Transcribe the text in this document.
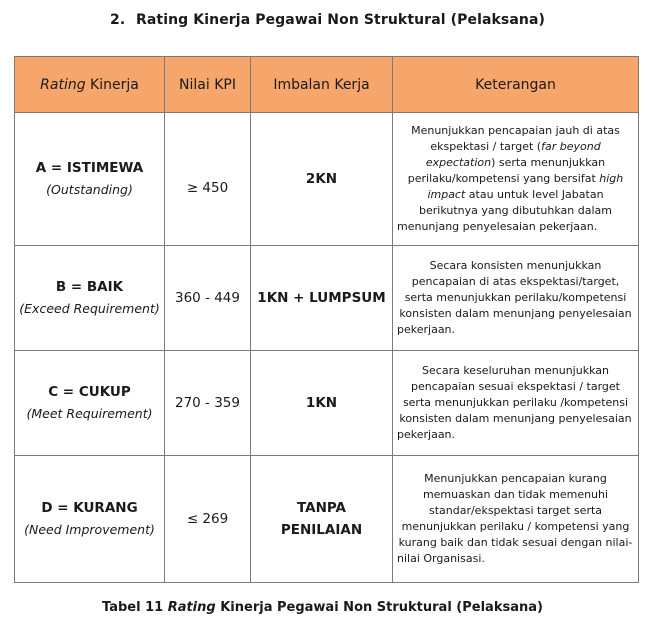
2. Rating Kinerja Pegawai Non Struktural (Pelaksana)
Rating Kinerja	Nilai KPI	Imbalan Kerja	Keterangan

A = ISTIMEWA
(Outstanding)	≥ 450	2KN	Menunjukkan pencapaian jauh di atas ekspektasi / target (far beyond expectation) serta menunjukkan perilaku/kompetensi yang bersifat high impact atau untuk level Jabatan berikutnya yang dibutuhkan dalam menunjang penyelesaian pekerjaan.

B = BAIK
(Exceed Requirement)	360 - 449	1KN + LUMPSUM	Secara konsisten menunjukkan pencapaian di atas ekspektasi/target, serta menunjukkan perilaku/kompetensi konsisten dalam menunjang penyelesaian pekerjaan.

C = CUKUP
(Meet Requirement)	270 - 359	1KN	Secara keseluruhan menunjukkan pencapaian sesuai ekspektasi / target serta menunjukkan perilaku /kompetensi konsisten dalam menunjang penyelesaian pekerjaan.

D = KURANG
(Need Improvement)	≤ 269	TANPA
PENILAIAN	Menunjukkan pencapaian kurang memuaskan dan tidak memenuhi standar/ekspektasi target serta menunjukkan perilaku / kompetensi yang kurang baik dan tidak sesuai dengan nilai-nilai Organisasi.
Tabel 11 Rating Kinerja Pegawai Non Struktural (Pelaksana)
